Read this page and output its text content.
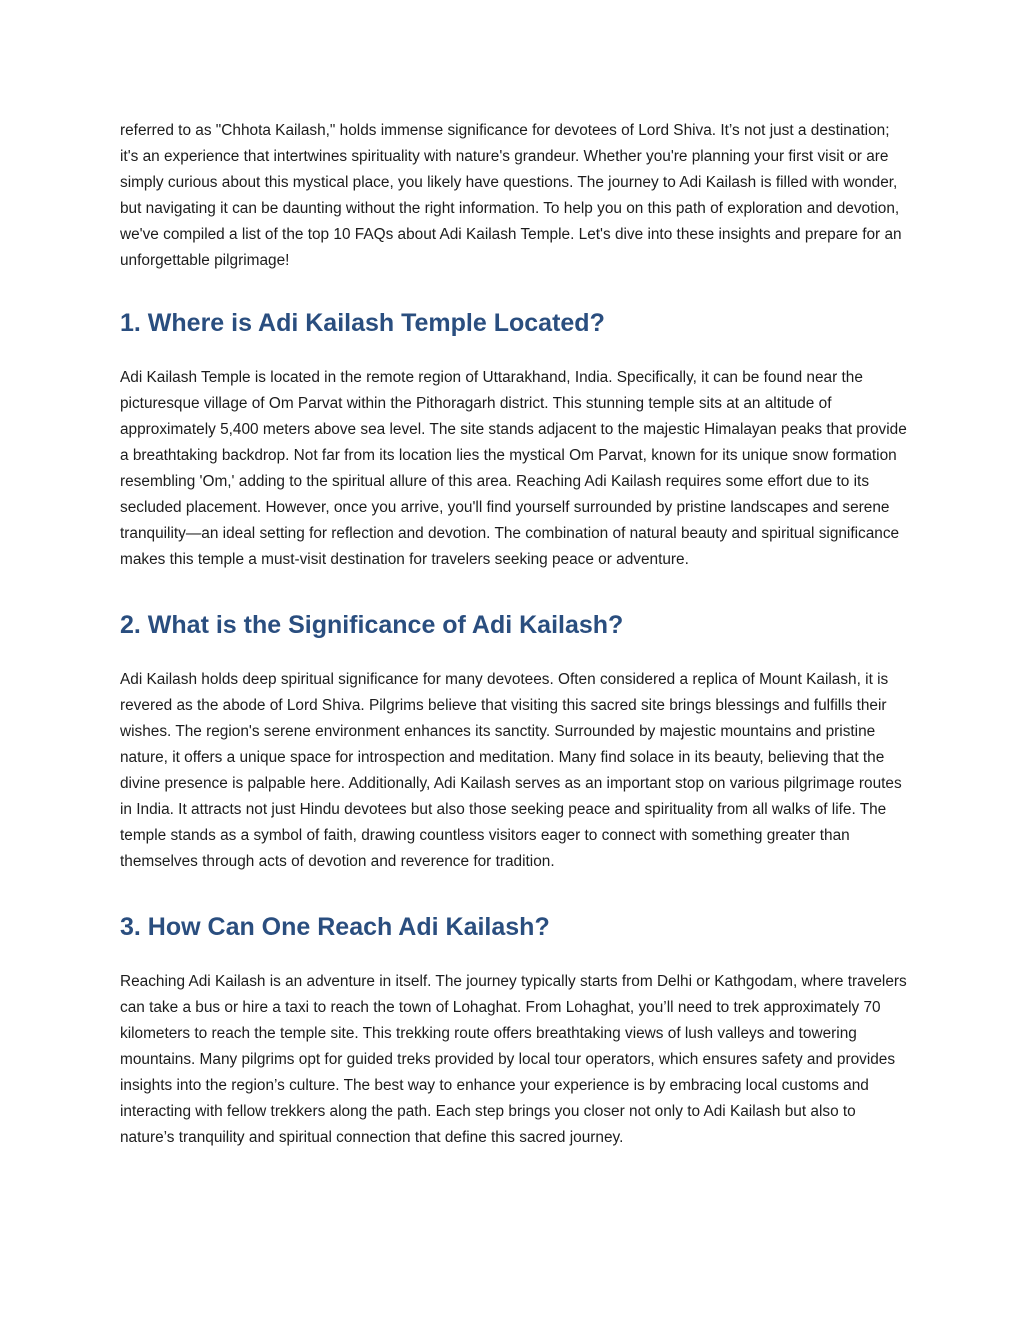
referred to as "Chhota Kailash," holds immense significance for devotees of Lord Shiva. It’s not just a destination; it's an experience that intertwines spirituality with nature's grandeur. Whether you're planning your first visit or are simply curious about this mystical place, you likely have questions. The journey to Adi Kailash is filled with wonder, but navigating it can be daunting without the right information. To help you on this path of exploration and devotion, we've compiled a list of the top 10 FAQs about Adi Kailash Temple. Let's dive into these insights and prepare for an unforgettable pilgrimage!

1. Where is Adi Kailash Temple Located?

Adi Kailash Temple is located in the remote region of Uttarakhand, India. Specifically, it can be found near the picturesque village of Om Parvat within the Pithoragarh district. This stunning temple sits at an altitude of approximately 5,400 meters above sea level. The site stands adjacent to the majestic Himalayan peaks that provide a breathtaking backdrop. Not far from its location lies the mystical Om Parvat, known for its unique snow formation resembling 'Om,' adding to the spiritual allure of this area. Reaching Adi Kailash requires some effort due to its secluded placement. However, once you arrive, you'll find yourself surrounded by pristine landscapes and serene tranquility—an ideal setting for reflection and devotion. The combination of natural beauty and spiritual significance makes this temple a must-visit destination for travelers seeking peace or adventure.

2. What is the Significance of Adi Kailash?

Adi Kailash holds deep spiritual significance for many devotees. Often considered a replica of Mount Kailash, it is revered as the abode of Lord Shiva. Pilgrims believe that visiting this sacred site brings blessings and fulfills their wishes. The region's serene environment enhances its sanctity. Surrounded by majestic mountains and pristine nature, it offers a unique space for introspection and meditation. Many find solace in its beauty, believing that the divine presence is palpable here. Additionally, Adi Kailash serves as an important stop on various pilgrimage routes in India. It attracts not just Hindu devotees but also those seeking peace and spirituality from all walks of life. The temple stands as a symbol of faith, drawing countless visitors eager to connect with something greater than themselves through acts of devotion and reverence for tradition.

3. How Can One Reach Adi Kailash?

Reaching Adi Kailash is an adventure in itself. The journey typically starts from Delhi or Kathgodam, where travelers can take a bus or hire a taxi to reach the town of Lohaghat. From Lohaghat, you’ll need to trek approximately 70 kilometers to reach the temple site. This trekking route offers breathtaking views of lush valleys and towering mountains. Many pilgrims opt for guided treks provided by local tour operators, which ensures safety and provides insights into the region’s culture. The best way to enhance your experience is by embracing local customs and interacting with fellow trekkers along the path. Each step brings you closer not only to Adi Kailash but also to nature’s tranquility and spiritual connection that define this sacred journey.
